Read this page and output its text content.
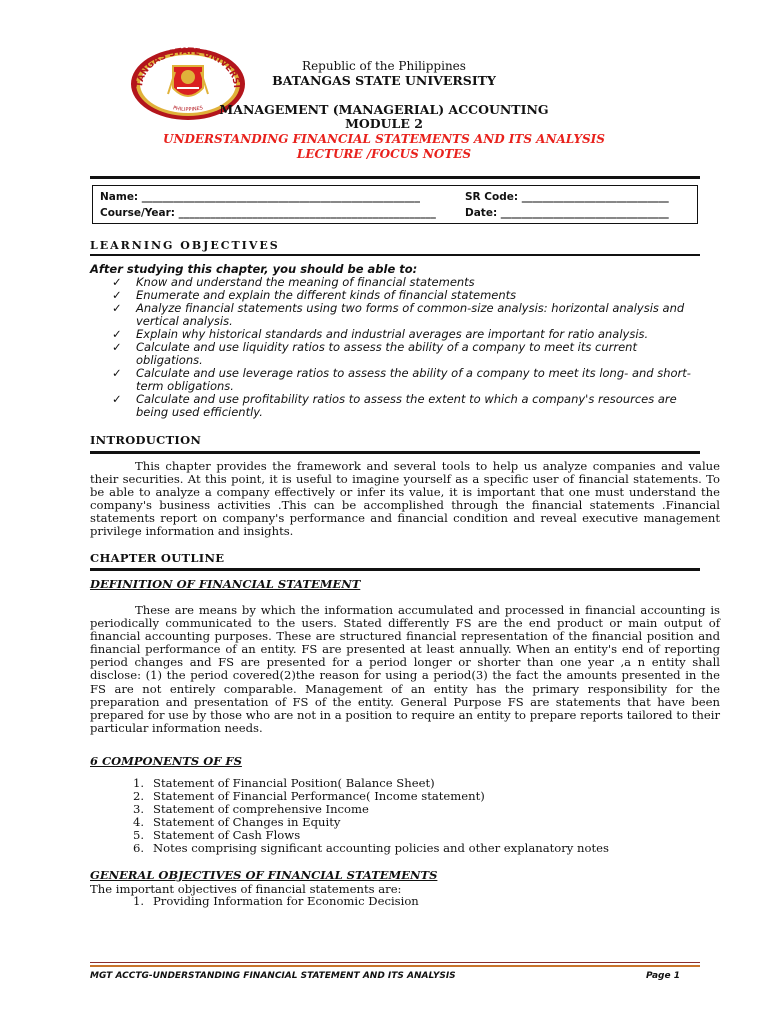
TANGAS STATE UNIVERSI
PHILIPPINES
Republic of the Philippines
BATANGAS STATE UNIVERSITY
MANAGEMENT (MANAGERIAL) ACCOUNTING
MODULE 2
UNDERSTANDING FINANCIAL STATEMENTS AND ITS ANALYSIS
LECTURE /FOCUS NOTES
Name: _____________________________________________________	SR Code: ____________________________
Course/Year: _________________________________________________	Date: ________________________________
LEARNING OBJECTIVES
After studying this chapter, you should be able to:
✓ Know and understand the meaning of financial statements
✓ Enumerate and explain the different kinds of financial statements
✓ Analyze financial statements using two forms of common-size analysis: horizontal analysis and
vertical analysis.
✓ Explain why historical standards and industrial averages are important for ratio analysis.
✓ Calculate and use liquidity ratios to assess the ability of a company to meet its current
obligations.
✓ Calculate and use leverage ratios to assess the ability of a company to meet its long- and short-
term obligations.
✓ Calculate and use profitability ratios to assess the extent to which a company's resources are
being used efficiently.
INTRODUCTION

This chapter provides the framework and several tools to help us analyze companies and value their securities. At this point, it is useful to imagine yourself as a specific user of financial statements. To be able to analyze a company effectively or infer its value, it is important that one must understand the company's business activities .This can be accomplished through the financial statements .Financial statements report on company's performance and financial condition and reveal executive management privilege information and insights.

CHAPTER OUTLINE
DEFINITION OF FINANCIAL STATEMENT

These are means by which the information accumulated and processed in financial accounting is periodically communicated to the users. Stated differently FS are the end product or main output of financial accounting purposes. These are structured financial representation of the financial position and financial performance of an entity. FS are presented at least annually. When an entity's end of reporting period changes and FS are presented for a period longer or shorter than one year ,a n entity shall disclose: (1) the period covered(2)the reason for using a period(3) the fact the amounts presented in the FS are not entirely comparable. Management of an entity has the primary responsibility for the preparation and presentation of FS of the entity. General Purpose FS are statements that have been prepared for use by those who are not in a position to require an entity to prepare reports tailored to their particular information needs.

6 COMPONENTS OF FS
1. Statement of Financial Position( Balance Sheet)
2. Statement of Financial Performance( Income statement)
3. Statement of comprehensive Income
4. Statement of Changes in Equity
5. Statement of Cash Flows
6. Notes comprising significant accounting policies and other explanatory notes
GENERAL OBJECTIVES OF FINANCIAL STATEMENTS
The important objectives of financial statements are:
1. Providing Information for Economic Decision
MGT ACCTG-UNDERSTANDING FINANCIAL STATEMENT AND ITS ANALYSIS	Page 1
